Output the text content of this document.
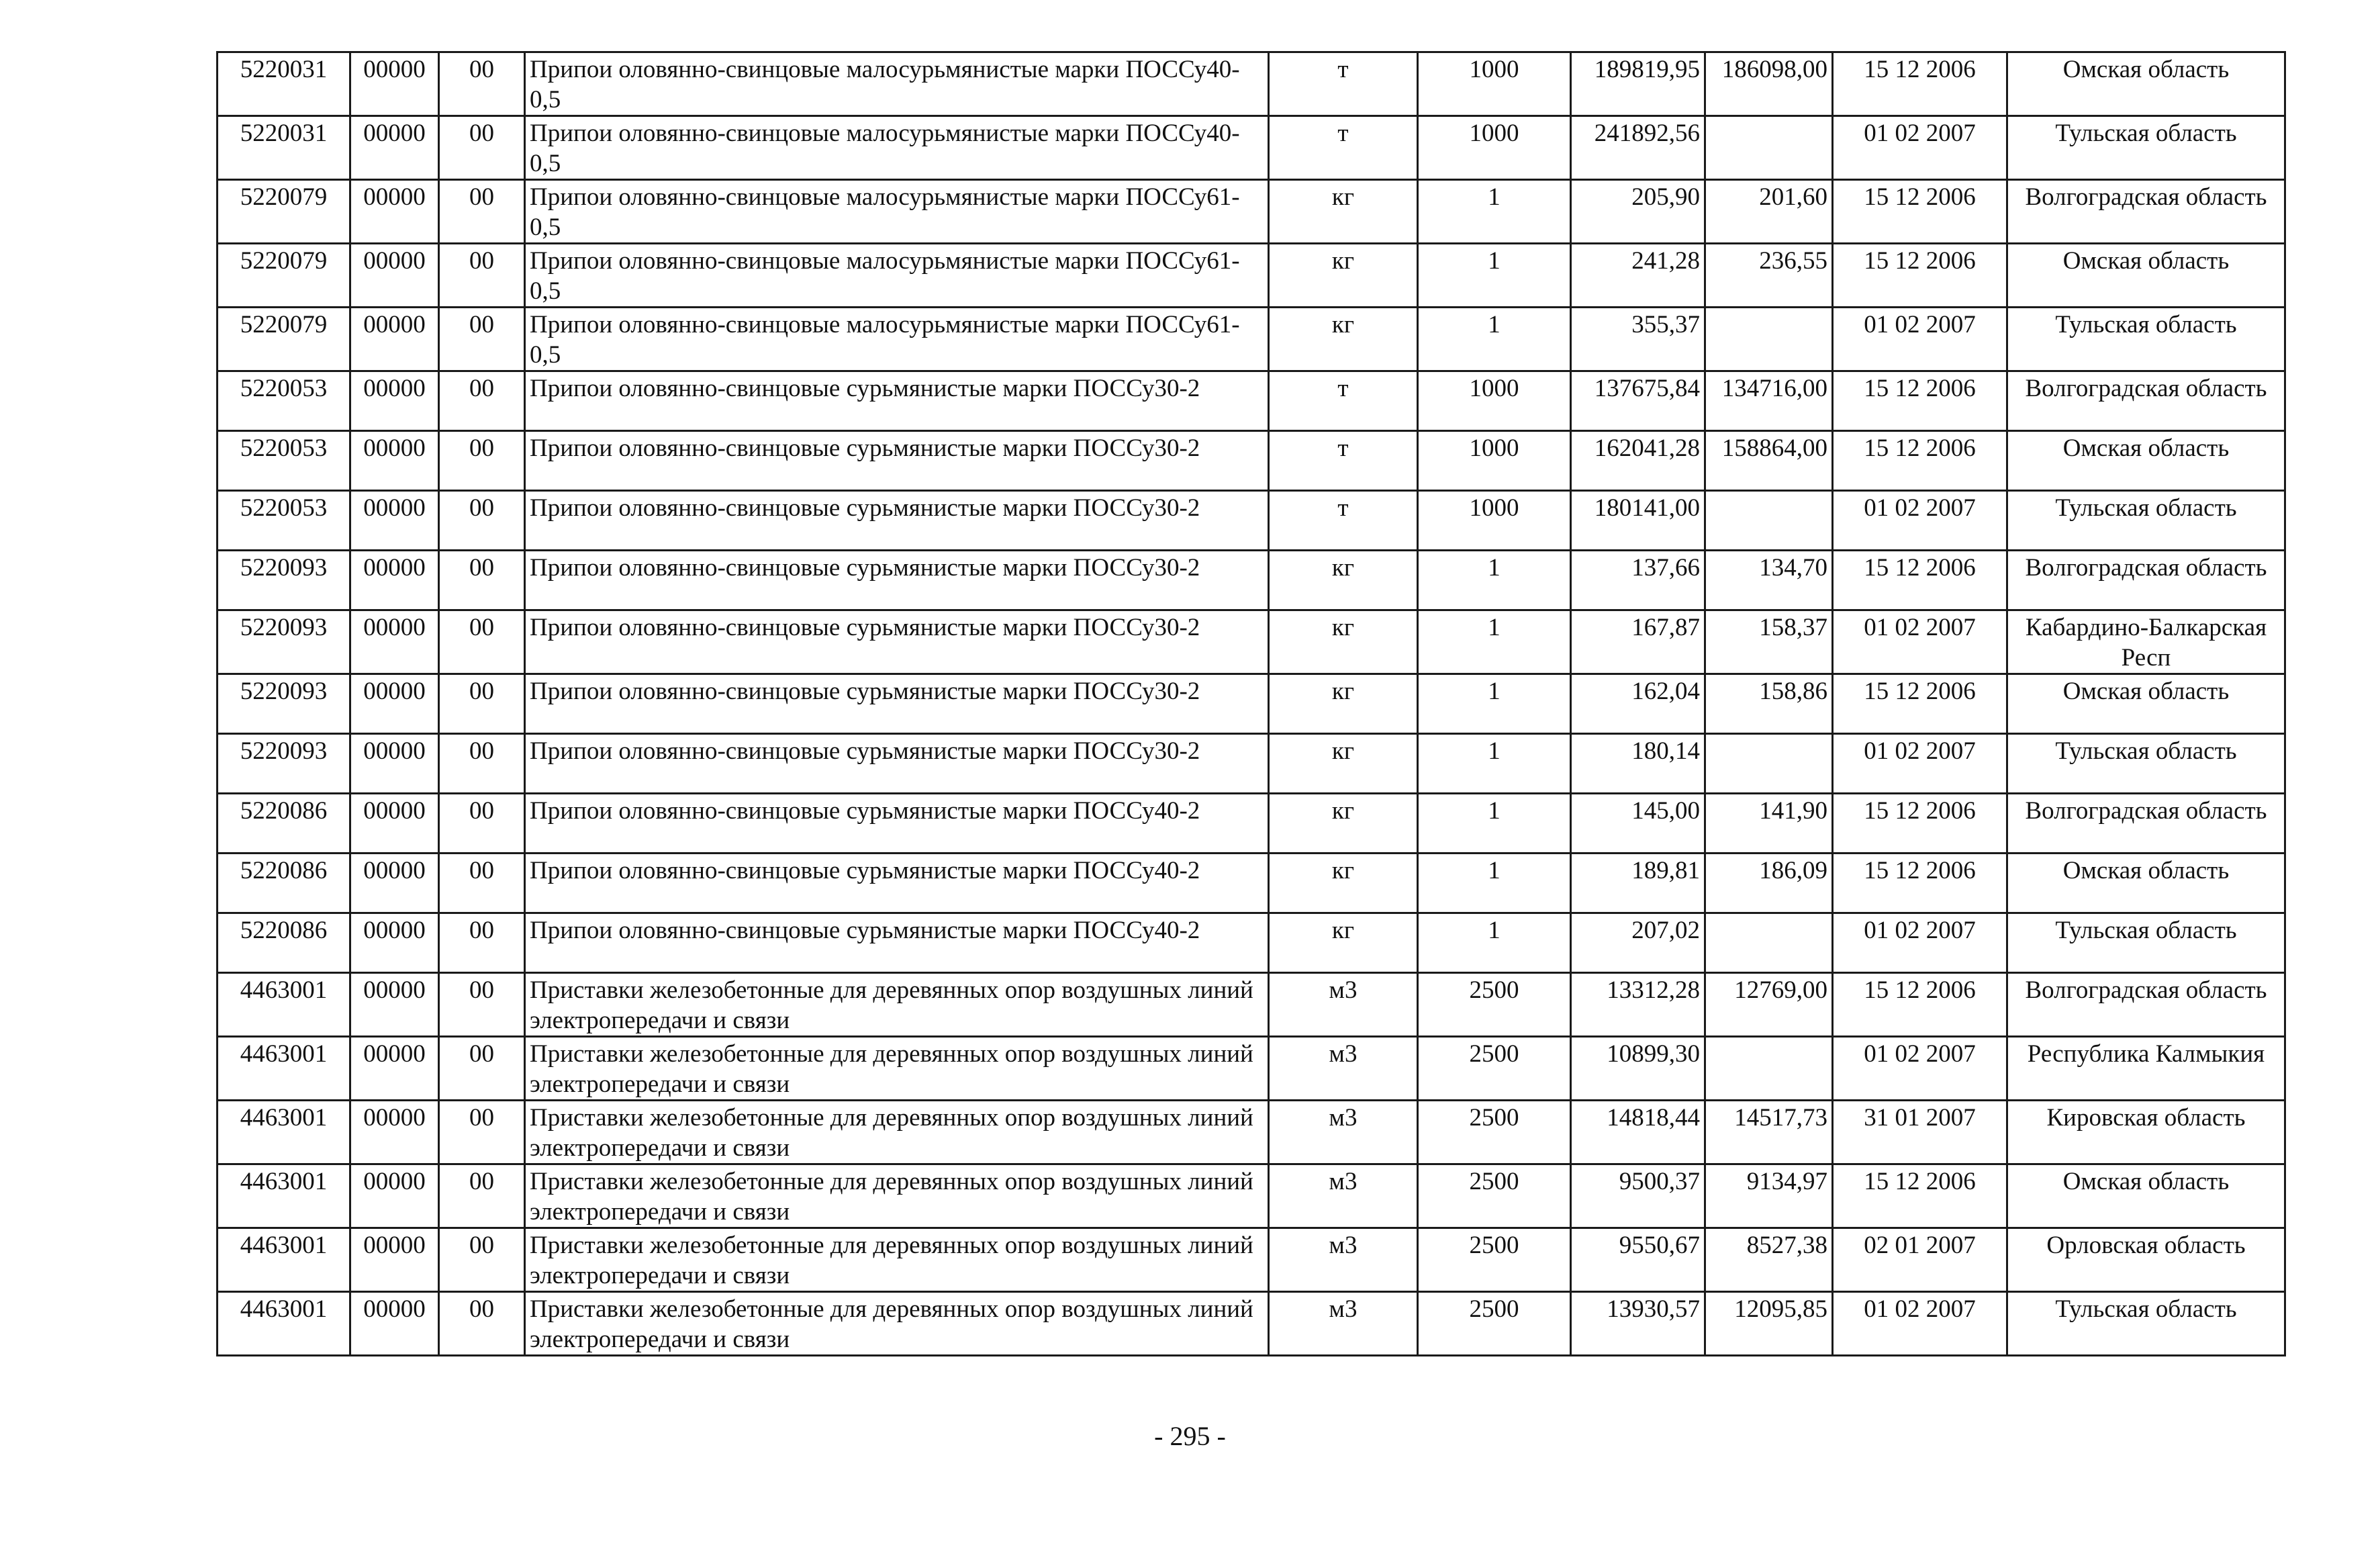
5220031	00000	00	Припои оловянно-свинцовые малосурьмянистые марки ПОССу40-0,5	т	1000	189819,95	186098,00	15 12 2006	Омская область
5220031	00000	00	Припои оловянно-свинцовые малосурьмянистые марки ПОССу40-0,5	т	1000	241892,56		01 02 2007	Тульская область
5220079	00000	00	Припои оловянно-свинцовые малосурьмянистые марки ПОССу61-0,5	кг	1	205,90	201,60	15 12 2006	Волгоградская область
5220079	00000	00	Припои оловянно-свинцовые малосурьмянистые марки ПОССу61-0,5	кг	1	241,28	236,55	15 12 2006	Омская область
5220079	00000	00	Припои оловянно-свинцовые малосурьмянистые марки ПОССу61-0,5	кг	1	355,37		01 02 2007	Тульская область
5220053	00000	00	Припои оловянно-свинцовые сурьмянистые марки ПОССу30-2	т	1000	137675,84	134716,00	15 12 2006	Волгоградская область
5220053	00000	00	Припои оловянно-свинцовые сурьмянистые марки ПОССу30-2	т	1000	162041,28	158864,00	15 12 2006	Омская область
5220053	00000	00	Припои оловянно-свинцовые сурьмянистые марки ПОССу30-2	т	1000	180141,00		01 02 2007	Тульская область
5220093	00000	00	Припои оловянно-свинцовые сурьмянистые марки ПОССу30-2	кг	1	137,66	134,70	15 12 2006	Волгоградская область
5220093	00000	00	Припои оловянно-свинцовые сурьмянистые марки ПОССу30-2	кг	1	167,87	158,37	01 02 2007	Кабардино-Балкарская Респ
5220093	00000	00	Припои оловянно-свинцовые сурьмянистые марки ПОССу30-2	кг	1	162,04	158,86	15 12 2006	Омская область
5220093	00000	00	Припои оловянно-свинцовые сурьмянистые марки ПОССу30-2	кг	1	180,14		01 02 2007	Тульская область
5220086	00000	00	Припои оловянно-свинцовые сурьмянистые марки ПОССу40-2	кг	1	145,00	141,90	15 12 2006	Волгоградская область
5220086	00000	00	Припои оловянно-свинцовые сурьмянистые марки ПОССу40-2	кг	1	189,81	186,09	15 12 2006	Омская область
5220086	00000	00	Припои оловянно-свинцовые сурьмянистые марки ПОССу40-2	кг	1	207,02		01 02 2007	Тульская область
4463001	00000	00	Приставки железобетонные для деревянных опор воздушных линий электропередачи и связи	м3	2500	13312,28	12769,00	15 12 2006	Волгоградская область
4463001	00000	00	Приставки железобетонные для деревянных опор воздушных линий электропередачи и связи	м3	2500	10899,30		01 02 2007	Республика Калмыкия
4463001	00000	00	Приставки железобетонные для деревянных опор воздушных линий электропередачи и связи	м3	2500	14818,44	14517,73	31 01 2007	Кировская область
4463001	00000	00	Приставки железобетонные для деревянных опор воздушных линий электропередачи и связи	м3	2500	9500,37	9134,97	15 12 2006	Омская область
4463001	00000	00	Приставки железобетонные для деревянных опор воздушных линий электропередачи и связи	м3	2500	9550,67	8527,38	02 01 2007	Орловская область
4463001	00000	00	Приставки железобетонные для деревянных опор воздушных линий электропередачи и связи	м3	2500	13930,57	12095,85	01 02 2007	Тульская область
- 295 -
